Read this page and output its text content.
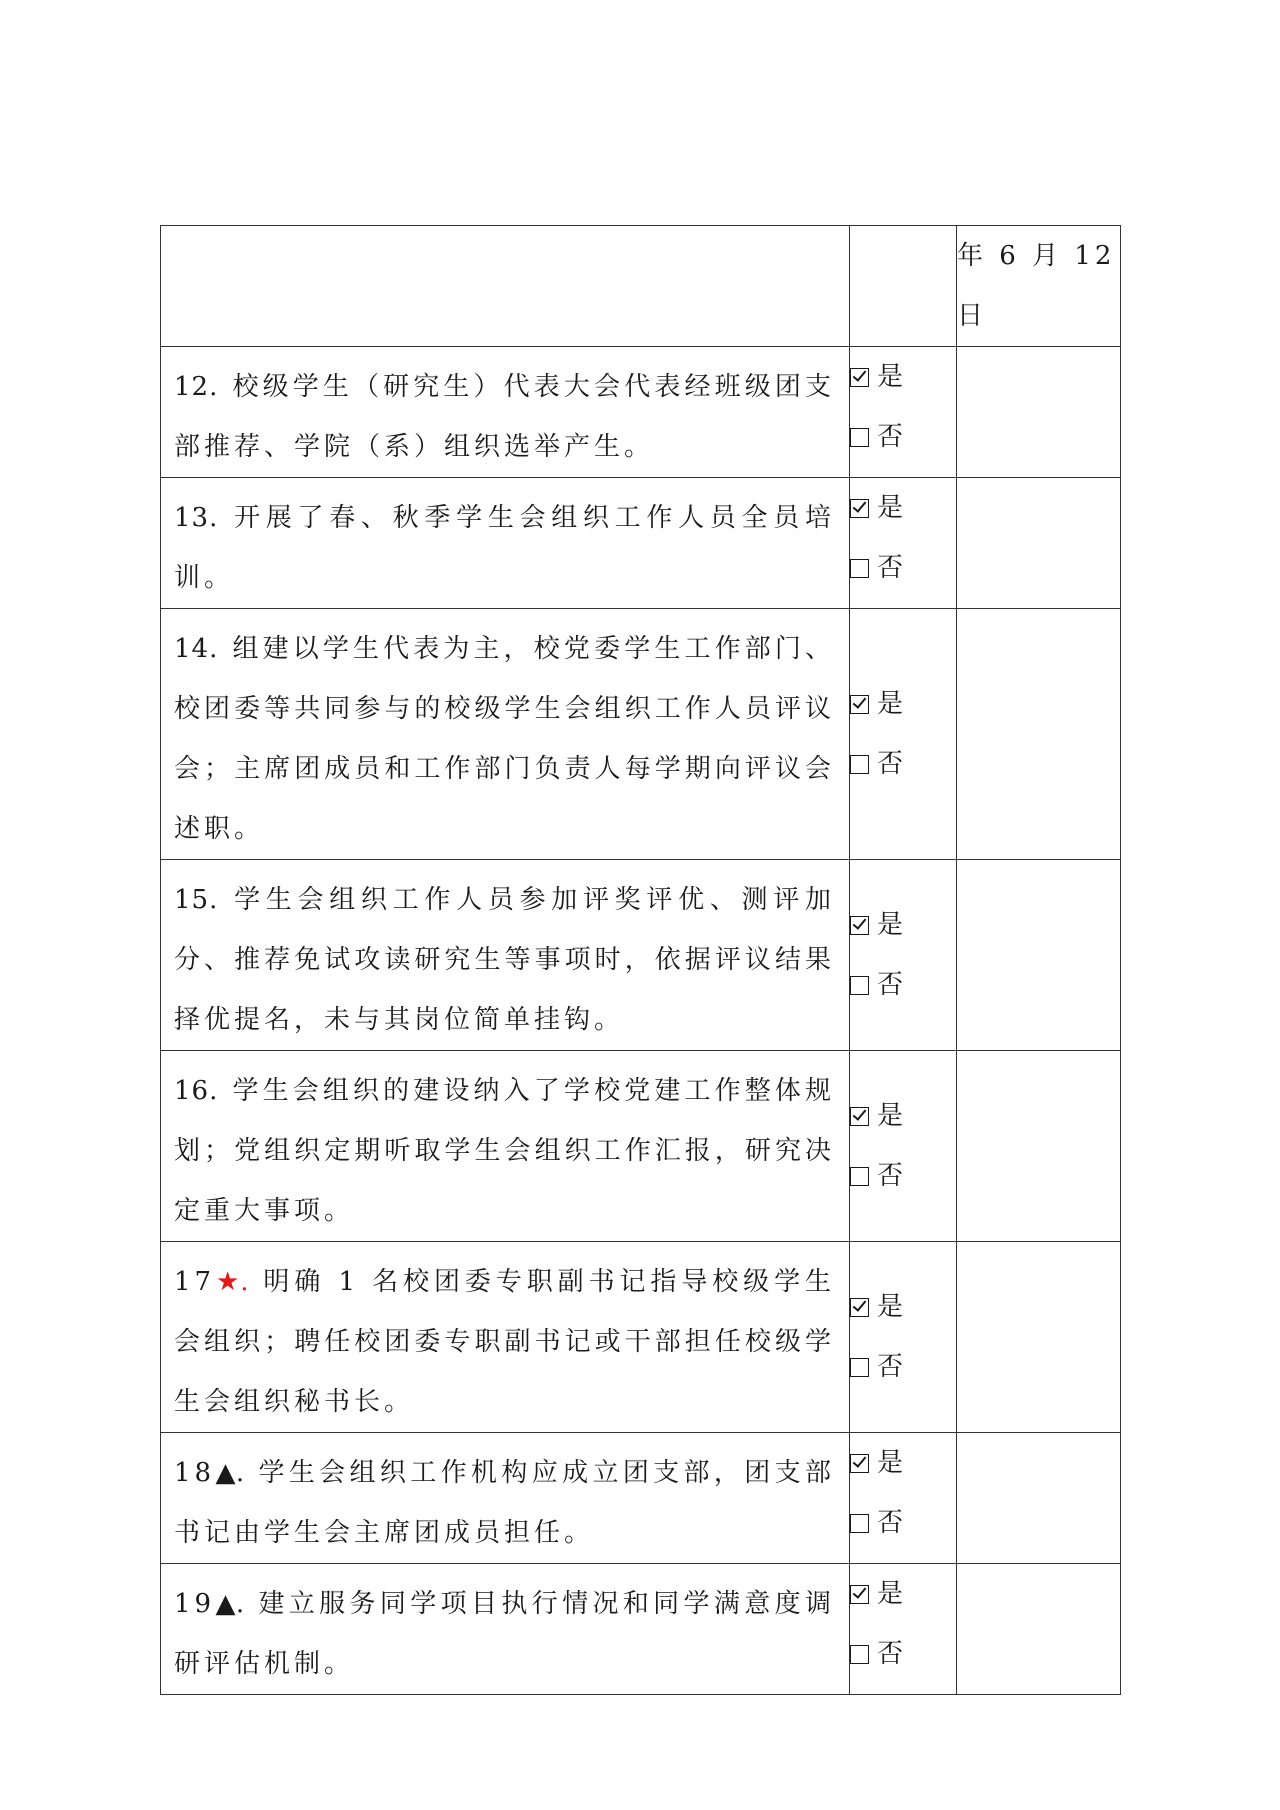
		年 6 月 12 日

12. 校级学生（研究生）代表大会代表经班级团支部推荐、学院（系）组织选举产生。	是
否	

13. 开展了春、秋季学生会组织工作人员全员培训。	是
否	

14. 组建以学生代表为主，校党委学生工作部门、校团委等共同参与的校级学生会组织工作人员评议会；主席团成员和工作部门负责人每学期向评议会述职。	是
否	

15. 学生会组织工作人员参加评奖评优、测评加分、推荐免试攻读研究生等事项时，依据评议结果择优提名，未与其岗位简单挂钩。	是
否	

16. 学生会组织的建设纳入了学校党建工作整体规划；党组织定期听取学生会组织工作汇报，研究决定重大事项。	是
否	

17★. 明确 1 名校团委专职副书记指导校级学生会组织；聘任校团委专职副书记或干部担任校级学生会组织秘书长。	是
否	

18▲. 学生会组织工作机构应成立团支部，团支部书记由学生会主席团成员担任。	是
否	

19▲. 建立服务同学项目执行情况和同学满意度调研评估机制。	是
否	
